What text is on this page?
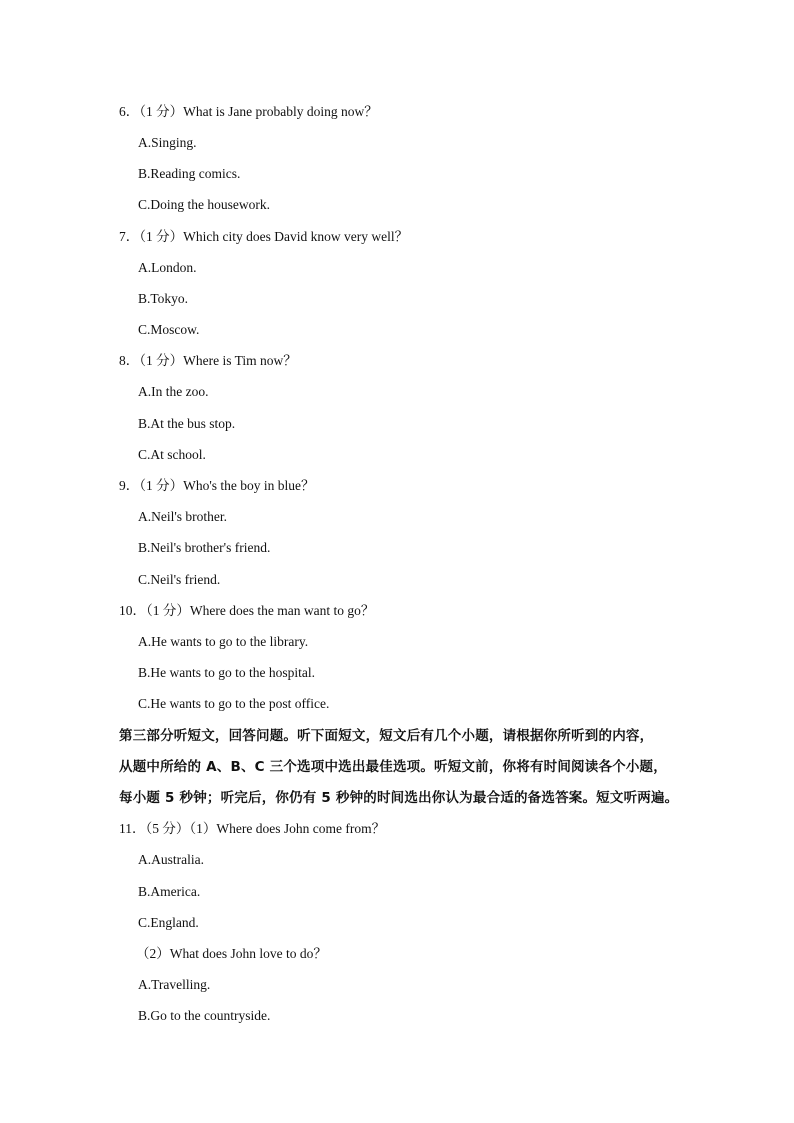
6．（1 分）What is Jane probably doing now？
A.Singing.
B.Reading comics.
C.Doing the housework.
7．（1 分）Which city does David know very well？
A.London.
B.Tokyo.
C.Moscow.
8．（1 分）Where is Tim now？
A.In the zoo.
B.At the bus stop.
C.At school.
9．（1 分）Who's the boy in blue？
A.Neil's brother.
B.Neil's brother's friend.
C.Neil's friend.
10．（1 分）Where does the man want to go？
A.He wants to go to the library.
B.He wants to go to the hospital.
C.He wants to go to the post office.
第三部分听短文，回答问题。听下面短文，短文后有几个小题，请根据你所听到的内容，
从题中所给的 A、B、C 三个选项中选出最佳选项。听短文前，你将有时间阅读各个小题，
每小题 5 秒钟；听完后，你仍有 5 秒钟的时间选出你认为最合适的备选答案。短文听两遍。
11．（5 分）（1）Where does John come from？
A.Australia.
B.America.
C.England.
（2）What does John love to do？
A.Travelling.
B.Go to the countryside.
